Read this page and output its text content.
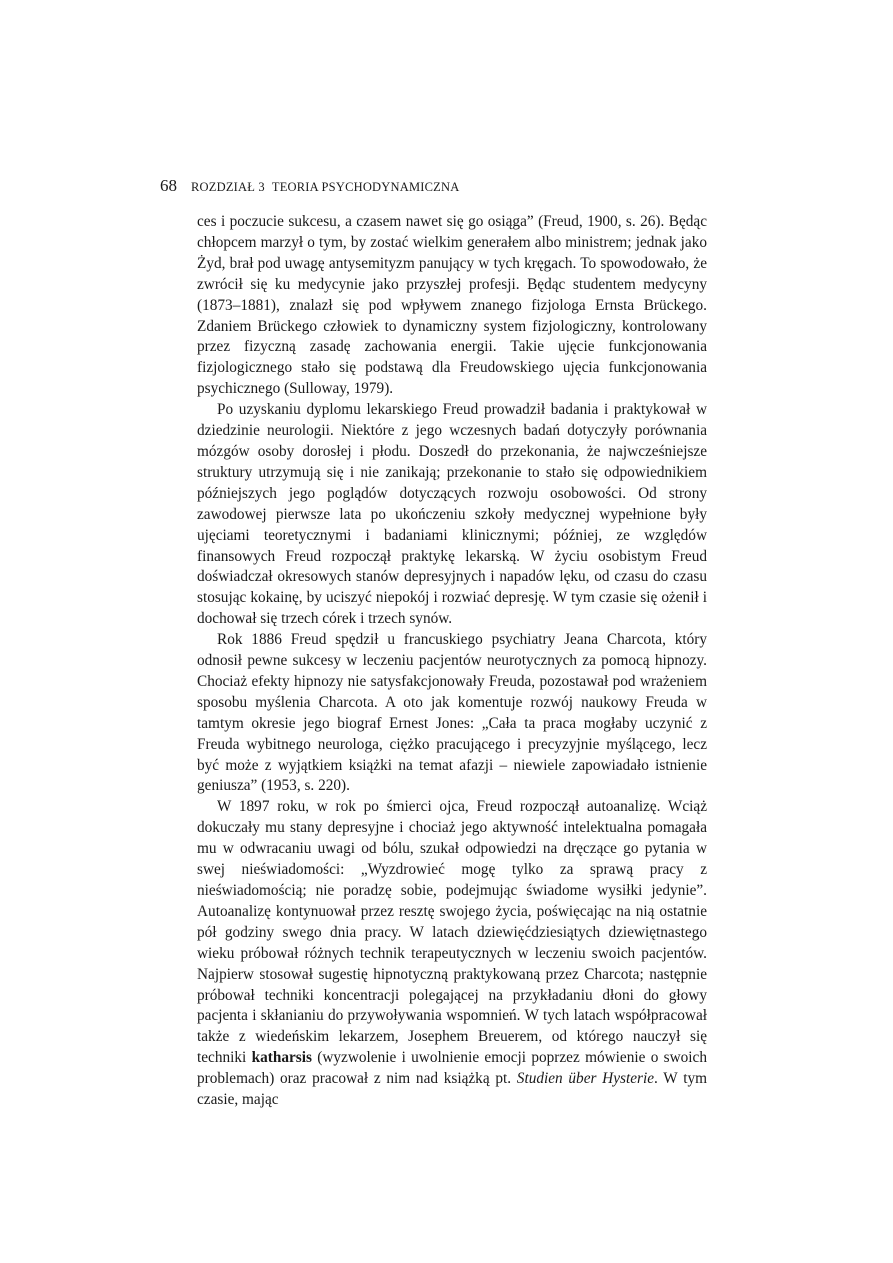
68 ROZDZIAŁ 3 TEORIA PSYCHODYNAMICZNA

ces i poczucie sukcesu, a czasem nawet się go osiąga” (Freud, 1900, s. 26). Będąc chłopcem marzył o tym, by zostać wielkim generałem albo ministrem; jednak jako Żyd, brał pod uwagę antysemityzm panujący w tych kręgach. To spowodowało, że zwrócił się ku medycynie jako przyszłej profesji. Będąc studentem medycyny (1873–1881), znalazł się pod wpływem znanego fizjologa Ernsta Brückego. Zdaniem Brückego człowiek to dynamiczny system fizjologiczny, kontrolowany przez fizyczną zasadę zachowania energii. Takie ujęcie funkcjonowania fizjologicznego stało się podstawą dla Freudowskiego ujęcia funkcjonowania psychicznego (Sulloway, 1979).

Po uzyskaniu dyplomu lekarskiego Freud prowadził badania i praktykował w dziedzinie neurologii. Niektóre z jego wczesnych badań dotyczyły porównania mózgów osoby dorosłej i płodu. Doszedł do przekonania, że najwcześniejsze struktury utrzymują się i nie zanikają; przekonanie to stało się odpowiednikiem późniejszych jego poglądów dotyczących rozwoju osobowości. Od strony zawodowej pierwsze lata po ukończeniu szkoły medycznej wypełnione były ujęciami teoretycznymi i badaniami klinicznymi; później, ze względów finansowych Freud rozpoczął praktykę lekarską. W życiu osobistym Freud doświadczał okresowych stanów depresyjnych i napadów lęku, od czasu do czasu stosując kokainę, by uciszyć niepokój i rozwiać depresję. W tym czasie się ożenił i dochował się trzech córek i trzech synów.

Rok 1886 Freud spędził u francuskiego psychiatry Jeana Charcota, który odnosił pewne sukcesy w leczeniu pacjentów neurotycznych za pomocą hipnozy. Chociaż efekty hipnozy nie satysfakcjonowały Freuda, pozostawał pod wrażeniem sposobu myślenia Charcota. A oto jak komentuje rozwój naukowy Freuda w tamtym okresie jego biograf Ernest Jones: „Cała ta praca mogłaby uczynić z Freuda wybitnego neurologa, ciężko pracującego i precyzyjnie myślącego, lecz być może z wyjątkiem książki na temat afazji – niewiele zapowiadało istnienie geniusza” (1953, s. 220).

W 1897 roku, w rok po śmierci ojca, Freud rozpoczął autoanalizę. Wciąż dokuczały mu stany depresyjne i chociaż jego aktywność intelektualna pomagała mu w odwracaniu uwagi od bólu, szukał odpowiedzi na dręczące go pytania w swej nieświadomości: „Wyzdrowieć mogę tylko za sprawą pracy z nieświadomością; nie poradzę sobie, podejmując świadome wysiłki jedynie”. Autoanalizę kontynuował przez resztę swojego życia, poświęcając na nią ostatnie pół godziny swego dnia pracy. W latach dziewięćdziesiątych dziewiętnastego wieku próbował różnych technik terapeutycznych w leczeniu swoich pacjentów. Najpierw stosował sugestię hipnotyczną praktykowaną przez Charcota; następnie próbował techniki koncentracji polegającej na przykładaniu dłoni do głowy pacjenta i skłanianiu do przywoływania wspomnień. W tych latach współpracował także z wiedeńskim lekarzem, Josephem Breuerem, od którego nauczył się techniki katharsis (wyzwolenie i uwolnienie emocji poprzez mówienie o swoich problemach) oraz pracował z nim nad książką pt. Studien über Hysterie. W tym czasie, mając
